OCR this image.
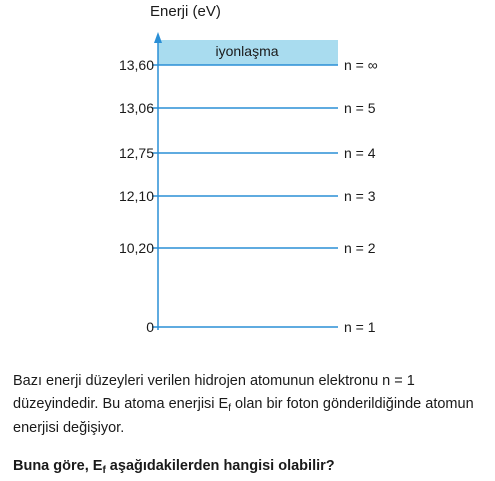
Enerji (eV)
iyonlaşma
13,60	n = ∞
13,06	n = 5
12,75	n = 4
12,10	n = 3
10,20	n = 2
0	n = 1
Bazı enerji düzeyleri verilen hidrojen atomunun elektronu n = 1 düzeyindedir. Bu atoma enerjisi $E_f$ olan bir foton gönderildiğinde atomun enerjisi değişiyor.
Buna göre, $E_f$ aşağıdakilerden hangisi olabilir?
